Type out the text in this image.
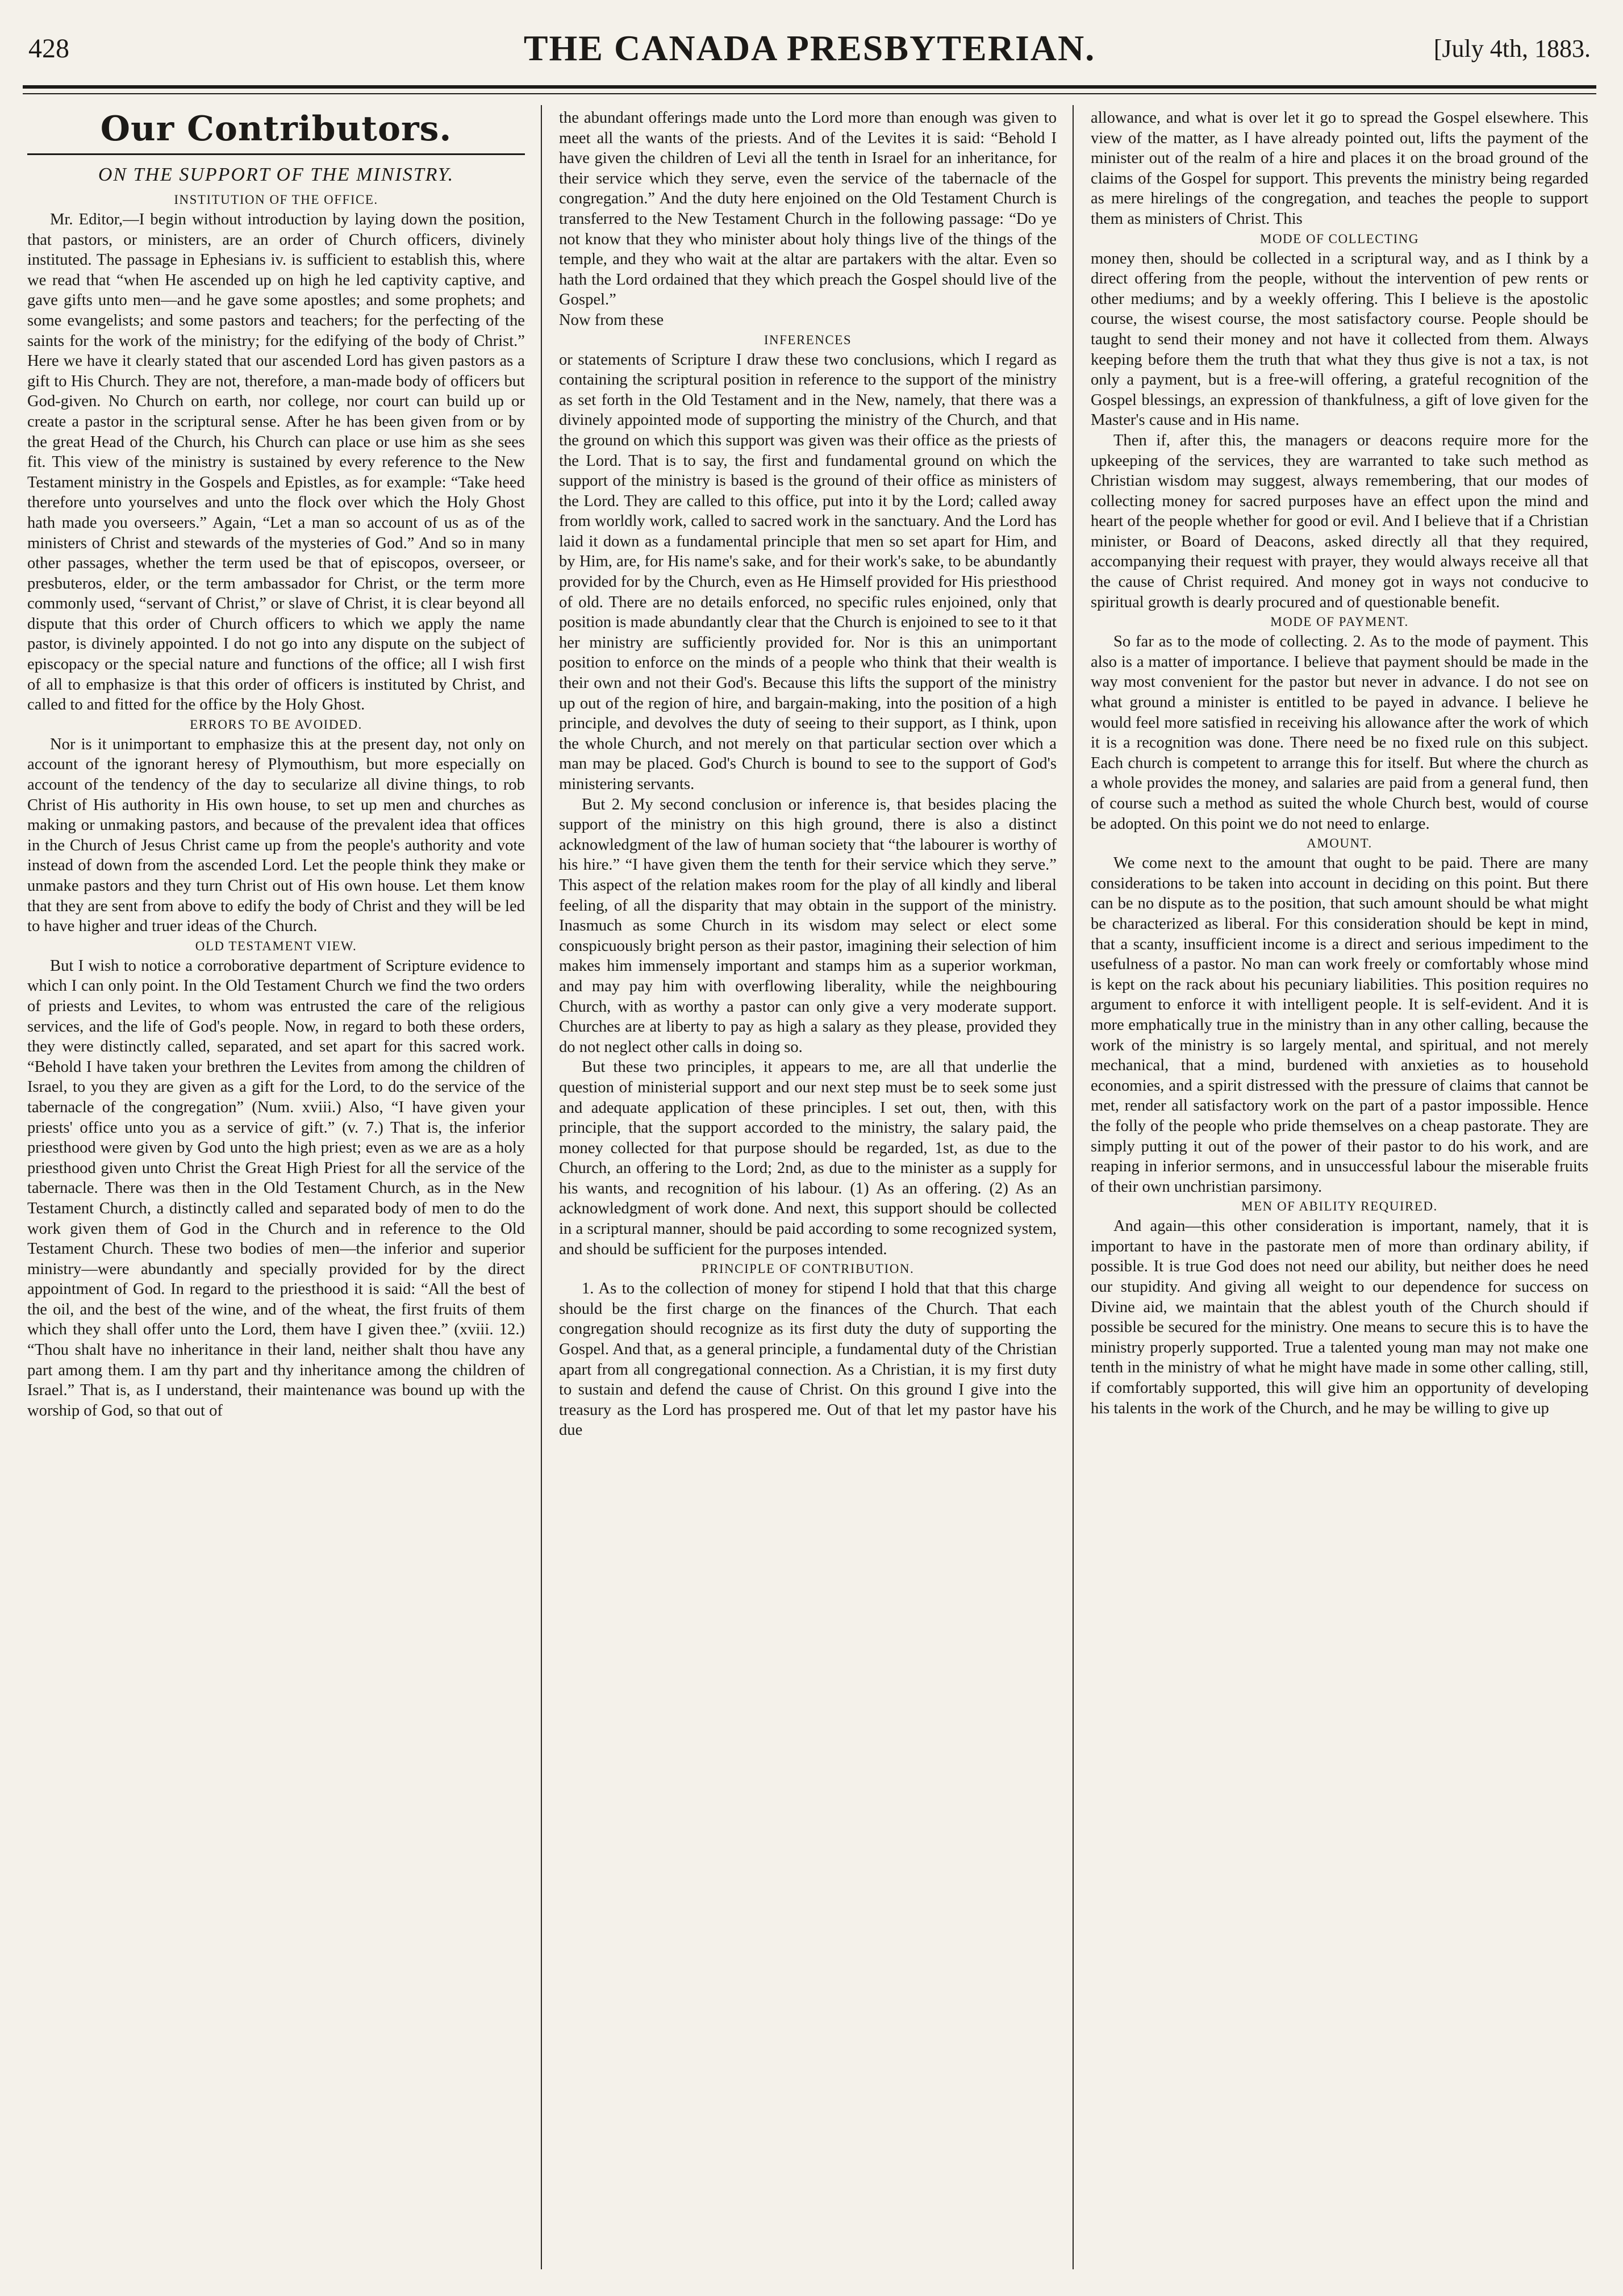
428	THE CANADA PRESBYTERIAN.	[July 4th, 1883.
Our Contributors.
ON THE SUPPORT OF THE MINISTRY.

INSTITUTION OF THE OFFICE.

Mr. Editor,—I begin without introduction by laying down the position, that pastors, or ministers, are an order of Church officers, divinely instituted. The passage in Ephesians iv. is sufficient to establish this, where we read that “when He ascended up on high he led captivity captive, and gave gifts unto men—and he gave some apostles; and some prophets; and some evangelists; and some pastors and teachers; for the perfecting of the saints for the work of the ministry; for the edifying of the body of Christ.” Here we have it clearly stated that our ascended Lord has given pastors as a gift to His Church. They are not, therefore, a man-made body of officers but God-given. No Church on earth, nor college, nor court can build up or create a pastor in the scriptural sense. After he has been given from or by the great Head of the Church, his Church can place or use him as she sees fit. This view of the ministry is sustained by every reference to the New Testament ministry in the Gospels and Epistles, as for example: “Take heed therefore unto yourselves and unto the flock over which the Holy Ghost hath made you overseers.” Again, “Let a man so account of us as of the ministers of Christ and stewards of the mysteries of God.” And so in many other passages, whether the term used be that of episcopos, overseer, or presbuteros, elder, or the term ambassador for Christ, or the term more commonly used, “servant of Christ,” or slave of Christ, it is clear beyond all dispute that this order of Church officers to which we apply the name pastor, is divinely appointed. I do not go into any dispute on the subject of episcopacy or the special nature and functions of the office; all I wish first of all to emphasize is that this order of officers is instituted by Christ, and called to and fitted for the office by the Holy Ghost.

ERRORS TO BE AVOIDED.

Nor is it unimportant to emphasize this at the present day, not only on account of the ignorant heresy of Plymouthism, but more especially on account of the tendency of the day to secularize all divine things, to rob Christ of His authority in His own house, to set up men and churches as making or unmaking pastors, and because of the prevalent idea that offices in the Church of Jesus Christ came up from the people's authority and vote instead of down from the ascended Lord. Let the people think they make or unmake pastors and they turn Christ out of His own house. Let them know that they are sent from above to edify the body of Christ and they will be led to have higher and truer ideas of the Church.

OLD TESTAMENT VIEW.

But I wish to notice a corroborative department of Scripture evidence to which I can only point. In the Old Testament Church we find the two orders of priests and Levites, to whom was entrusted the care of the religious services, and the life of God's people. Now, in regard to both these orders, they were distinctly called, separated, and set apart for this sacred work. “Behold I have taken your brethren the Levites from among the children of Israel, to you they are given as a gift for the Lord, to do the service of the tabernacle of the congregation” (Num. xviii.) Also, “I have given your priests' office unto you as a service of gift.” (v. 7.) That is, the inferior priesthood were given by God unto the high priest; even as we are as a holy priesthood given unto Christ the Great High Priest for all the service of the tabernacle. There was then in the Old Testament Church, as in the New Testament Church, a distinctly called and separated body of men to do the work given them of God in the Church and in reference to the Old Testament Church. These two bodies of men—the inferior and superior ministry—were abundantly and specially provided for by the direct appointment of God. In regard to the priesthood it is said: “All the best of the oil, and the best of the wine, and of the wheat, the first fruits of them which they shall offer unto the Lord, them have I given thee.” (xviii. 12.) “Thou shalt have no inheritance in their land, neither shalt thou have any part among them. I am thy part and thy inheritance among the children of Israel.” That is, as I understand, their maintenance was bound up with the worship of God, so that out of

the abundant offerings made unto the Lord more than enough was given to meet all the wants of the priests. And of the Levites it is said: “Behold I have given the children of Levi all the tenth in Israel for an inheritance, for their service which they serve, even the service of the tabernacle of the congregation.” And the duty here enjoined on the Old Testament Church is transferred to the New Testament Church in the following passage: “Do ye not know that they who minister about holy things live of the things of the temple, and they who wait at the altar are partakers with the altar. Even so hath the Lord ordained that they which preach the Gospel should live of the Gospel.”

Now from these

INFERENCES

or statements of Scripture I draw these two conclusions, which I regard as containing the scriptural position in reference to the support of the ministry as set forth in the Old Testament and in the New, namely, that there was a divinely appointed mode of supporting the ministry of the Church, and that the ground on which this support was given was their office as the priests of the Lord. That is to say, the first and fundamental ground on which the support of the ministry is based is the ground of their office as ministers of the Lord. They are called to this office, put into it by the Lord; called away from worldly work, called to sacred work in the sanctuary. And the Lord has laid it down as a fundamental principle that men so set apart for Him, and by Him, are, for His name's sake, and for their work's sake, to be abundantly provided for by the Church, even as He Himself provided for His priesthood of old. There are no details enforced, no specific rules enjoined, only that position is made abundantly clear that the Church is enjoined to see to it that her ministry are sufficiently provided for. Nor is this an unimportant position to enforce on the minds of a people who think that their wealth is their own and not their God's. Because this lifts the support of the ministry up out of the region of hire, and bargain-making, into the position of a high principle, and devolves the duty of seeing to their support, as I think, upon the whole Church, and not merely on that particular section over which a man may be placed. God's Church is bound to see to the support of God's ministering servants.

But 2. My second conclusion or inference is, that besides placing the support of the ministry on this high ground, there is also a distinct acknowledgment of the law of human society that “the labourer is worthy of his hire.” “I have given them the tenth for their service which they serve.” This aspect of the relation makes room for the play of all kindly and liberal feeling, of all the disparity that may obtain in the support of the ministry. Inasmuch as some Church in its wisdom may select or elect some conspicuously bright person as their pastor, imagining their selection of him makes him immensely important and stamps him as a superior workman, and may pay him with overflowing liberality, while the neighbouring Church, with as worthy a pastor can only give a very moderate support. Churches are at liberty to pay as high a salary as they please, provided they do not neglect other calls in doing so.

But these two principles, it appears to me, are all that underlie the question of ministerial support and our next step must be to seek some just and adequate application of these principles. I set out, then, with this principle, that the support accorded to the ministry, the salary paid, the money collected for that purpose should be regarded, 1st, as due to the Church, an offering to the Lord; 2nd, as due to the minister as a supply for his wants, and recognition of his labour. (1) As an offering. (2) As an acknowledgment of work done. And next, this support should be collected in a scriptural manner, should be paid according to some recognized system, and should be sufficient for the purposes intended.

PRINCIPLE OF CONTRIBUTION.

1. As to the collection of money for stipend I hold that that this charge should be the first charge on the finances of the Church. That each congregation should recognize as its first duty the duty of supporting the Gospel. And that, as a general principle, a fundamental duty of the Christian apart from all congregational connection. As a Christian, it is my first duty to sustain and defend the cause of Christ. On this ground I give into the treasury as the Lord has prospered me. Out of that let my pastor have his due

allowance, and what is over let it go to spread the Gospel elsewhere. This view of the matter, as I have already pointed out, lifts the payment of the minister out of the realm of a hire and places it on the broad ground of the claims of the Gospel for support. This prevents the ministry being regarded as mere hirelings of the congregation, and teaches the people to support them as ministers of Christ. This

MODE OF COLLECTING

money then, should be collected in a scriptural way, and as I think by a direct offering from the people, without the intervention of pew rents or other mediums; and by a weekly offering. This I believe is the apostolic course, the wisest course, the most satisfactory course. People should be taught to send their money and not have it collected from them. Always keeping before them the truth that what they thus give is not a tax, is not only a payment, but is a free-will offering, a grateful recognition of the Gospel blessings, an expression of thankfulness, a gift of love given for the Master's cause and in His name.

Then if, after this, the managers or deacons require more for the upkeeping of the services, they are warranted to take such method as Christian wisdom may suggest, always remembering, that our modes of collecting money for sacred purposes have an effect upon the mind and heart of the people whether for good or evil. And I believe that if a Christian minister, or Board of Deacons, asked directly all that they required, accompanying their request with prayer, they would always receive all that the cause of Christ required. And money got in ways not conducive to spiritual growth is dearly procured and of questionable benefit.

MODE OF PAYMENT.

So far as to the mode of collecting. 2. As to the mode of payment. This also is a matter of importance. I believe that payment should be made in the way most convenient for the pastor but never in advance. I do not see on what ground a minister is entitled to be payed in advance. I believe he would feel more satisfied in receiving his allowance after the work of which it is a recognition was done. There need be no fixed rule on this subject. Each church is competent to arrange this for itself. But where the church as a whole provides the money, and salaries are paid from a general fund, then of course such a method as suited the whole Church best, would of course be adopted. On this point we do not need to enlarge.

AMOUNT.

We come next to the amount that ought to be paid. There are many considerations to be taken into account in deciding on this point. But there can be no dispute as to the position, that such amount should be what might be characterized as liberal. For this consideration should be kept in mind, that a scanty, insufficient income is a direct and serious impediment to the usefulness of a pastor. No man can work freely or comfortably whose mind is kept on the rack about his pecuniary liabilities. This position requires no argument to enforce it with intelligent people. It is self-evident. And it is more emphatically true in the ministry than in any other calling, because the work of the ministry is so largely mental, and spiritual, and not merely mechanical, that a mind, burdened with anxieties as to household economies, and a spirit distressed with the pressure of claims that cannot be met, render all satisfactory work on the part of a pastor impossible. Hence the folly of the people who pride themselves on a cheap pastorate. They are simply putting it out of the power of their pastor to do his work, and are reaping in inferior sermons, and in unsuccessful labour the miserable fruits of their own unchristian parsimony.

MEN OF ABILITY REQUIRED.

And again—this other consideration is important, namely, that it is important to have in the pastorate men of more than ordinary ability, if possible. It is true God does not need our ability, but neither does he need our stupidity. And giving all weight to our dependence for success on Divine aid, we maintain that the ablest youth of the Church should if possible be secured for the ministry. One means to secure this is to have the ministry properly supported. True a talented young man may not make one tenth in the ministry of what he might have made in some other calling, still, if comfortably supported, this will give him an opportunity of developing his talents in the work of the Church, and he may be willing to give up
